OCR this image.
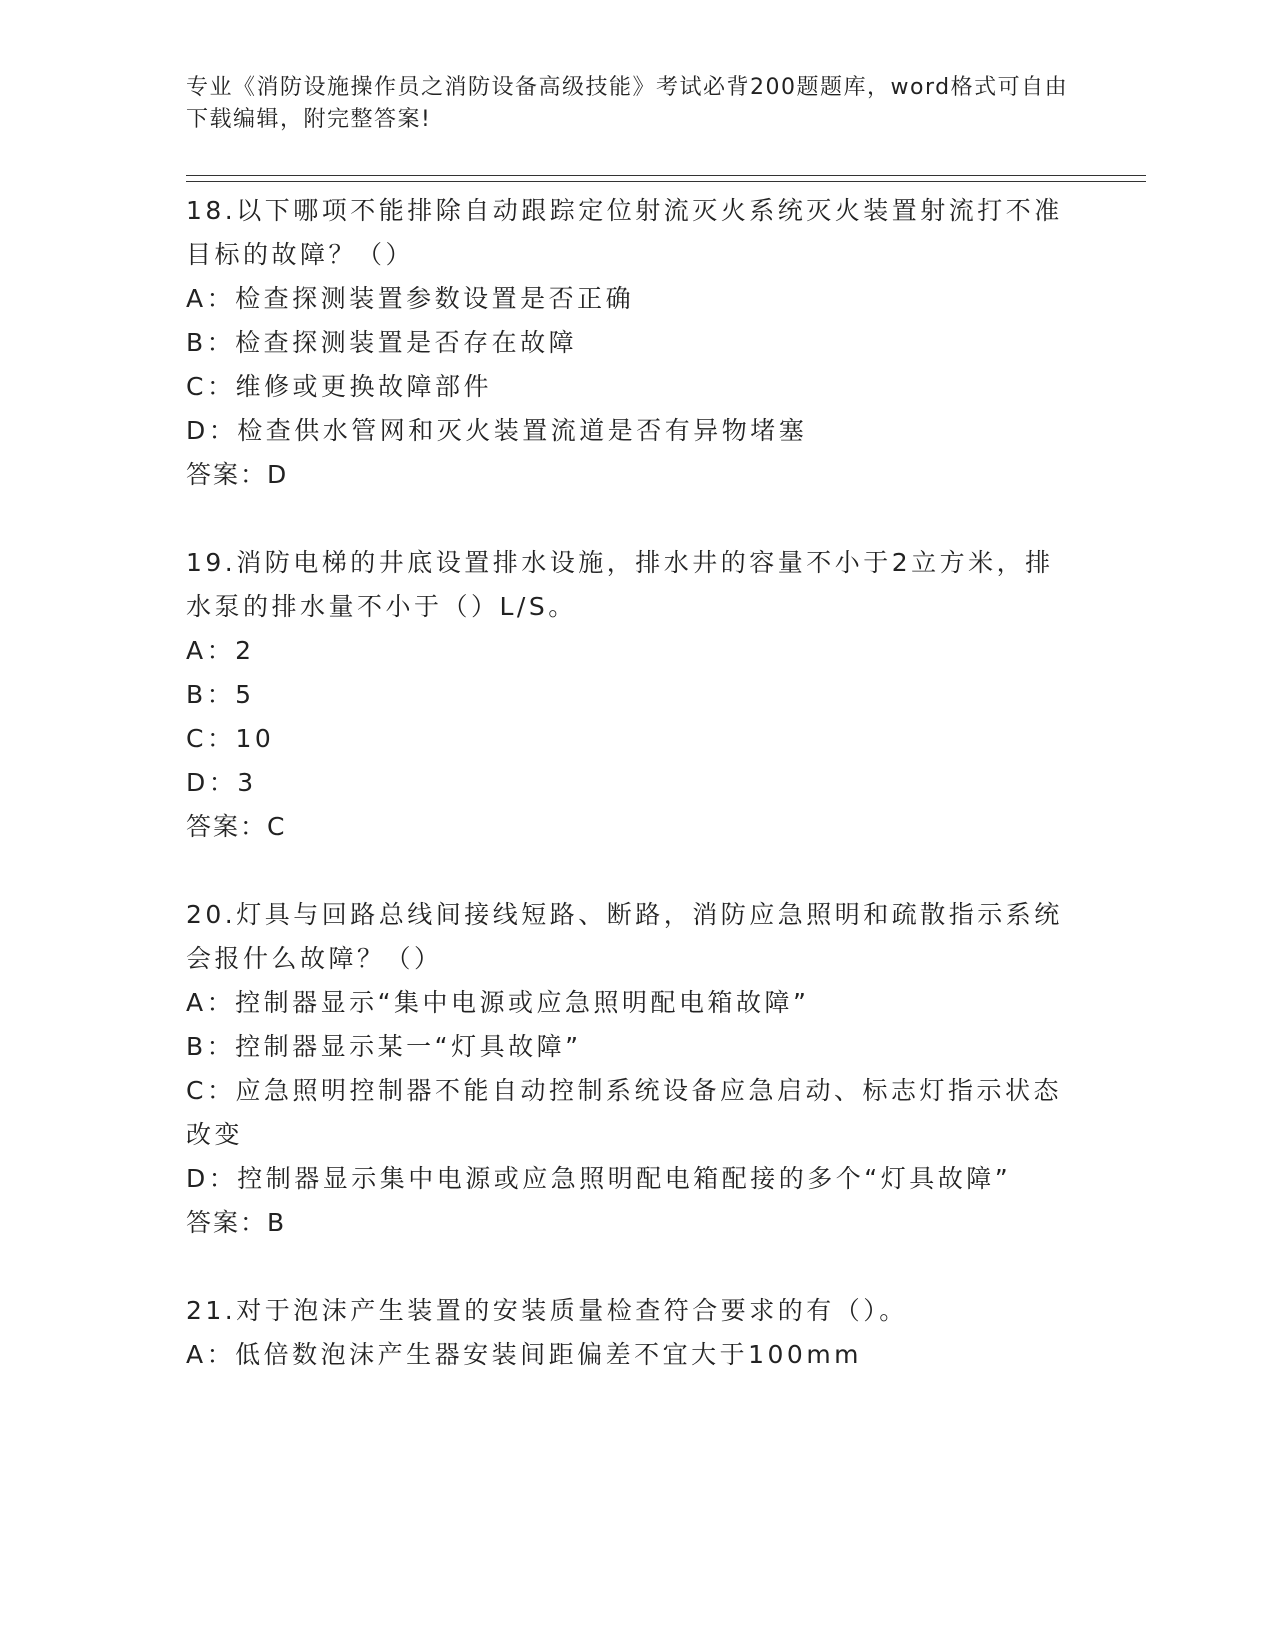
专业《消防设施操作员之消防设备高级技能》考试必背200题题库，word格式可自由下载编辑，附完整答案!

18.以下哪项不能排除自动跟踪定位射流灭火系统灭火装置射流打不准目标的故障？（）

A：检查探测装置参数设置是否正确

B：检查探测装置是否存在故障

C：维修或更换故障部件

D：检查供水管网和灭火装置流道是否有异物堵塞

答案：D

19.消防电梯的井底设置排水设施，排水井的容量不小于2立方米，排水泵的排水量不小于（）L/S。

A：2

B：5

C：10

D：3

答案：C

20.灯具与回路总线间接线短路、断路，消防应急照明和疏散指示系统会报什么故障？（）

A：控制器显示“集中电源或应急照明配电箱故障”

B：控制器显示某一“灯具故障”

C：应急照明控制器不能自动控制系统设备应急启动、标志灯指示状态改变

D：控制器显示集中电源或应急照明配电箱配接的多个“灯具故障”

答案：B

21.对于泡沫产生装置的安装质量检查符合要求的有（）。

A：低倍数泡沫产生器安装间距偏差不宜大于100mm
